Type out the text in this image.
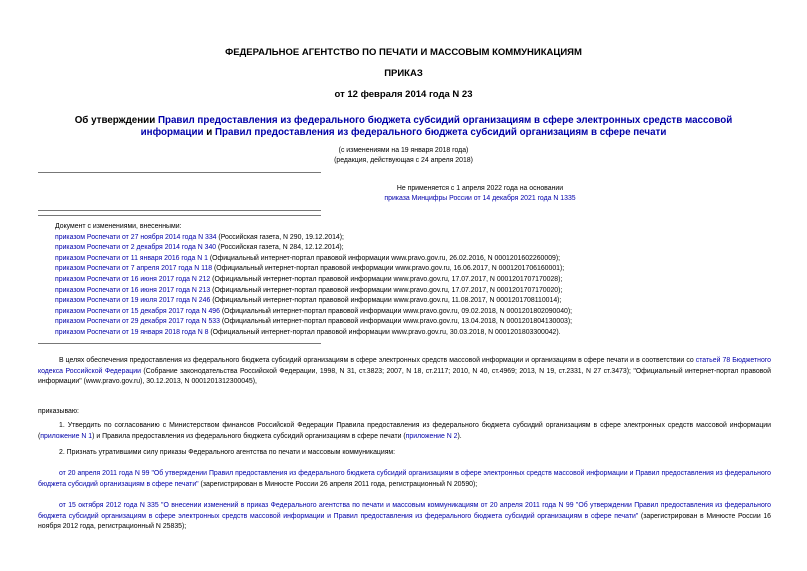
ФЕДЕРАЛЬНОЕ АГЕНТСТВО ПО ПЕЧАТИ И МАССОВЫМ КОММУНИКАЦИЯМ
ПРИКАЗ
от 12 февраля 2014 года N 23
Об утверждении Правил предоставления из федерального бюджета субсидий организациям в сфере электронных средств массовой информации и Правил предоставления из федерального бюджета субсидий организациям в сфере печати
(с изменениями на 19 января 2018 года)
(редакция, действующая с 24 апреля 2018)
Не применяется с 1 апреля 2022 года на основании
приказа Минцифры России от 14 декабря 2021 года N 1335
Документ с изменениями, внесенными:
приказом Роспечати от 27 ноября 2014 года N 334 (Российская газета, N 290, 19.12.2014);
приказом Роспечати от 2 декабря 2014 года N 340 (Российская газета, N 284, 12.12.2014);
приказом Роспечати от 11 января 2016 года N 1 (Официальный интернет-портал правовой информации www.pravo.gov.ru, 26.02.2016, N 0001201602260009);
приказом Роспечати от 7 апреля 2017 года N 118 (Официальный интернет-портал правовой информации www.pravo.gov.ru, 16.06.2017, N 0001201706160001);
приказом Роспечати от 16 июня 2017 года N 212 (Официальный интернет-портал правовой информации www.pravo.gov.ru, 17.07.2017, N 0001201707170028);
приказом Роспечати от 16 июня 2017 года N 213 (Официальный интернет-портал правовой информации www.pravo.gov.ru, 17.07.2017, N 0001201707170020);
приказом Роспечати от 19 июля 2017 года N 246 (Официальный интернет-портал правовой информации www.pravo.gov.ru, 11.08.2017, N 0001201708110014);
приказом Роспечати от 15 декабря 2017 года N 496 (Официальный интернет-портал правовой информации www.pravo.gov.ru, 09.02.2018, N 0001201802090040);
приказом Роспечати от 29 декабря 2017 года N 533 (Официальный интернет-портал правовой информации www.pravo.gov.ru, 13.04.2018, N 0001201804130003);
приказом Роспечати от 19 января 2018 года N 8 (Официальный интернет-портал правовой информации www.pravo.gov.ru, 30.03.2018, N 0001201803300042).
В целях обеспечения предоставления из федерального бюджета субсидий организациям в сфере электронных средств массовой информации и организациям в сфере печати и в соответствии со статьей 78 Бюджетного кодекса Российской Федерации (Собрание законодательства Российской Федерации, 1998, N 31, ст.3823; 2007, N 18, ст.2117; 2010, N 40, ст.4969; 2013, N 19, ст.2331, N 27 ст.3473); "Официальный интернет-портал правовой информации" (www.pravo.gov.ru), 30.12.2013, N 0001201312300045),
приказываю:
1. Утвердить по согласованию с Министерством финансов Российской Федерации Правила предоставления из федерального бюджета субсидий организациям в сфере электронных средств массовой информации (приложение N 1) и Правила предоставления из федерального бюджета субсидий организациям в сфере печати (приложение N 2).
2. Признать утратившими силу приказы Федерального агентства по печати и массовым коммуникациям:
от 20 апреля 2011 года N 99 "Об утверждении Правил предоставления из федерального бюджета субсидий организациям в сфере электронных средств массовой информации и Правил предоставления из федерального бюджета субсидий организациям в сфере печати" (зарегистрирован в Минюсте России 26 апреля 2011 года, регистрационный N 20590);
от 15 октября 2012 года N 335 "О внесении изменений в приказ Федерального агентства по печати и массовым коммуникациям от 20 апреля 2011 года N 99 "Об утверждении Правил предоставления из федерального бюджета субсидий организациям в сфере электронных средств массовой информации и Правил предоставления из федерального бюджета субсидий организациям в сфере печати" (зарегистрирован в Минюсте России 16 ноября 2012 года, регистрационный N 25835);
